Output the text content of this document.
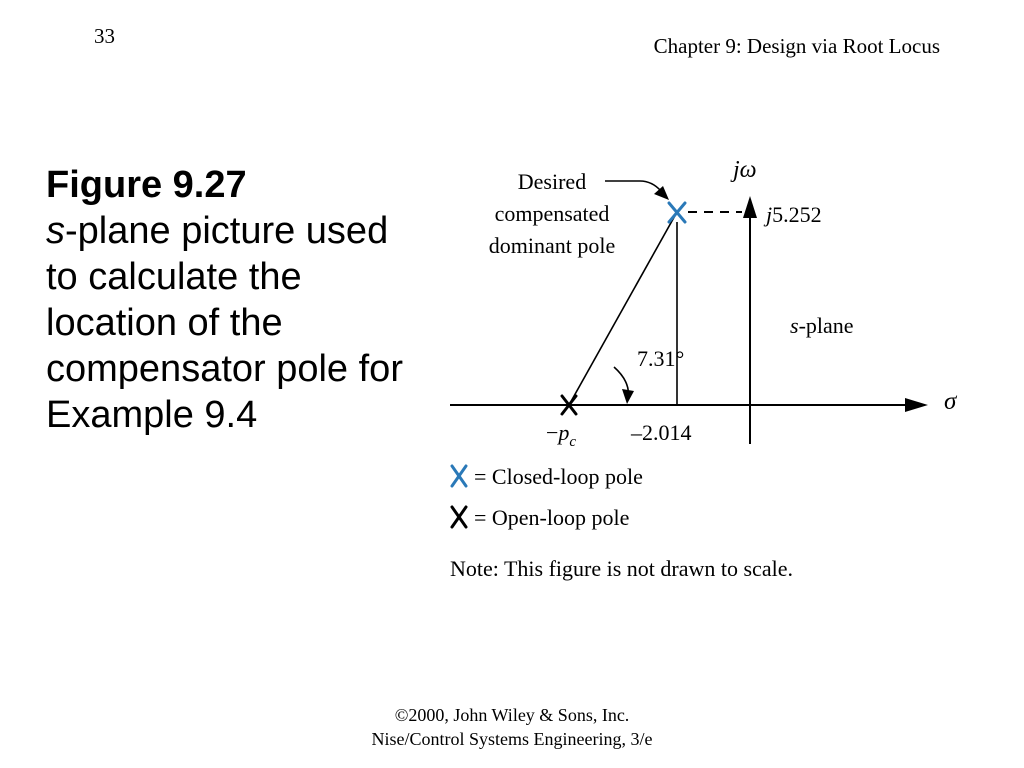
33	Chapter 9: Design via Root Locus
Figure 9.27
s-plane picture used to calculate the location of the compensator pole for Example 9.4
jω
σ
Desired
compensated
dominant pole
j5.252
s-plane
7.31°
$-p_c$ –2.014
= Closed-loop pole
= Open-loop pole
Note: This figure is not drawn to scale.
©2000, John Wiley & Sons, Inc.
Nise/Control Systems Engineering, 3/e
